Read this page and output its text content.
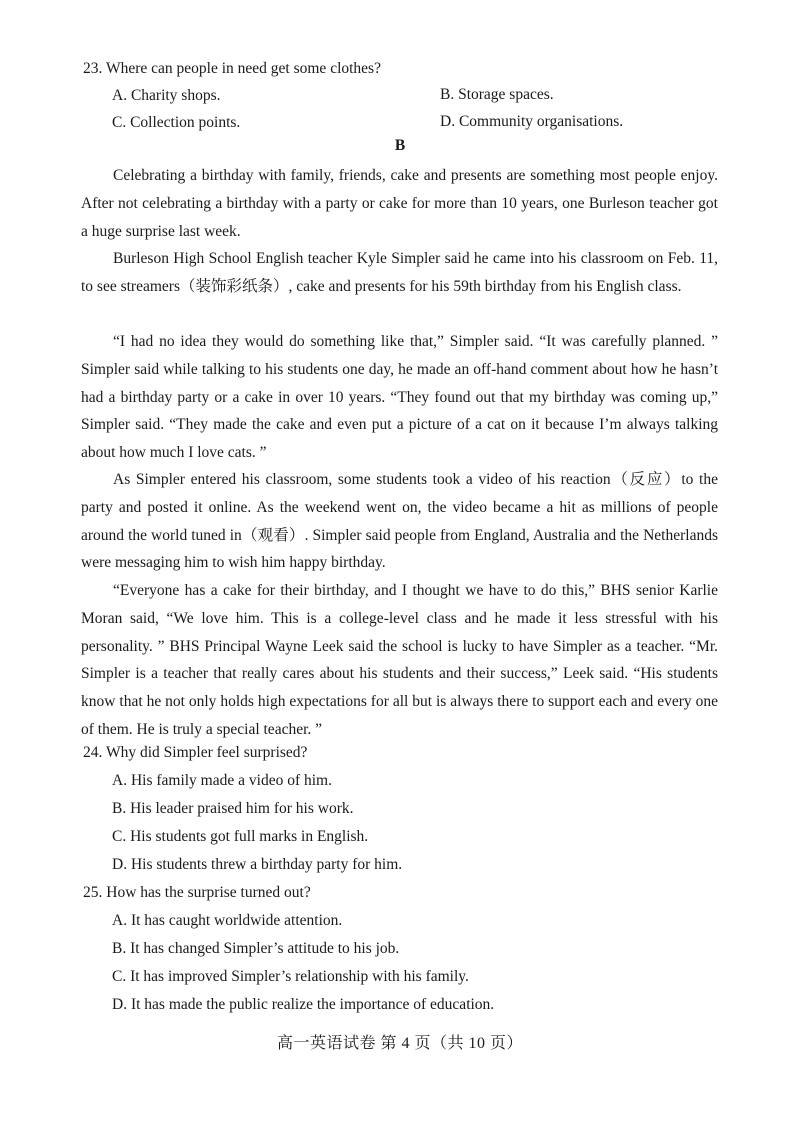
23. Where can people in need get some clothes?
A. Charity shops.	B. Storage spaces.
C. Collection points.	D. Community organisations.
B

Celebrating a birthday with family, friends, cake and presents are something most people enjoy. After not celebrating a birthday with a party or cake for more than 10 years, one Burleson teacher got a huge surprise last week.

Burleson High School English teacher Kyle Simpler said he came into his classroom on Feb. 11, to see streamers（装饰彩纸条）, cake and presents for his 59th birthday from his English class.

“I had no idea they would do something like that,” Simpler said. “It was carefully planned. ” Simpler said while talking to his students one day, he made an off-hand comment about how he hasn’t had a birthday party or a cake in over 10 years. “They found out that my birthday was coming up,” Simpler said. “They made the cake and even put a picture of a cat on it because I’m always talking about how much I love cats. ”

As Simpler entered his classroom, some students took a video of his reaction（反应）to the party and posted it online. As the weekend went on, the video became a hit as millions of people around the world tuned in（观看）. Simpler said people from England, Australia and the Netherlands were messaging him to wish him happy birthday.

“Everyone has a cake for their birthday, and I thought we have to do this,” BHS senior Karlie Moran said, “We love him. This is a college-level class and he made it less stressful with his personality. ” BHS Principal Wayne Leek said the school is lucky to have Simpler as a teacher. “Mr. Simpler is a teacher that really cares about his students and their success,” Leek said. “His students know that he not only holds high expectations for all but is always there to support each and every one of them. He is truly a special teacher. ”

24. Why did Simpler feel surprised?
A. His family made a video of him.
B. His leader praised him for his work.
C. His students got full marks in English.
D. His students threw a birthday party for him.
25. How has the surprise turned out?
A. It has caught worldwide attention.
B. It has changed Simpler’s attitude to his job.
C. It has improved Simpler’s relationship with his family.
D. It has made the public realize the importance of education.
高一英语试卷 第 4 页（共 10 页）
